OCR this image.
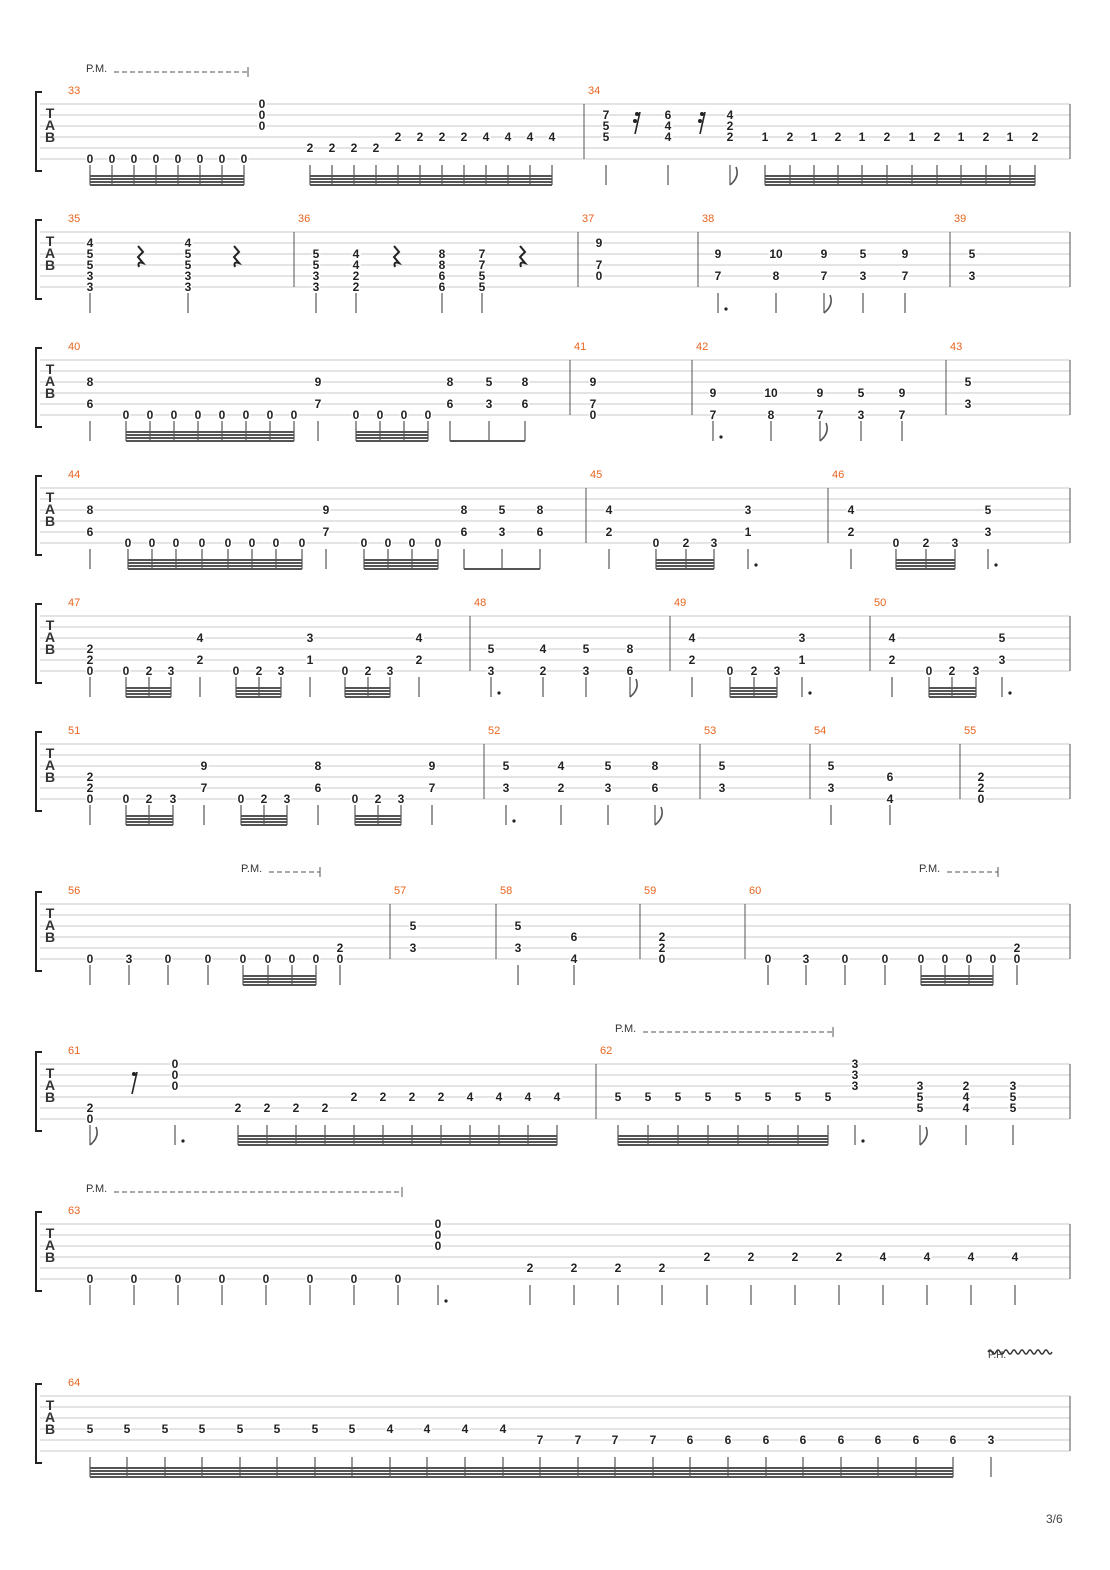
T
A
B
33
0 0 0 0 0 0 0 0
0
0
0
2 2 2 2
2 2 2 2 4 4 4 4
34
7
5
5
6
4
4
4
2
2 1 2 1 2 1 2 1 2 1 2 1 2
P.M.
T
A
B
35
4
5
5
3
3
4
5
5
3
3
36
5
5
3
3
4
4
2
2
8
8
6
6
7
7
5
5
37
9
7
0
38
9
7
10
8
9
7
5
3
9
7
39
5
3
T
A
B
40
8
6
0 0 0 0 0 0 0 0
9
7
0 0 0 0
8
6
5
3
8
6
41
9
7
0
42
9
7
10
8
9
7
5
3
9
7
43
5
3
T
A
B
44
8
6
0 0 0 0 0 0 0 0
9
7
0 0 0 0
8
6
5
3
8
6
45
4
2
0 2 3
3
1
46
4
2
0 2 3
5
3
T
A
B
47
2
2
0 0 2 3
4
2
0 2 3
3
1
0 2 3
4
2
48
5
3
4
2
5
3
8
6
49
4
2
0 2 3
3
1
50
4
2
0 2 3
5
3
T
A
B
51
2
2
0 0 2 3
9
7
0 2 3
8
6
0 2 3
9
7
52
5
3
4
2
5
3
8
6
53
5
3
54
5
3
6
4
55
2
2
0
T
A
B
56
0	3	0	0 0 0 0 0
2
0
57
5
3
58
5
3
6
4
59
2
2
0
60
0	3	0	0 0 0 0 0
2
0
P.M.	P.M.
T
A
B
61
2
0
0
0
0
2 2 2 2
2 2 2 2 4 4 4 4
62
5 5 5 5 5 5 5 5
3
3
3	3
5
5
2
4
4
3
5
5
P.M.
T
A
B
63
0	0	0	0	0	0	0	0
0
0
0
2	2	2	2
2	2	2	2	4	4	4	4
P.M.
T
A
B
64
5	5	5	5	5	5	5	5	4	4	4	4
7	7	7	7	6	6	6	6	6	6	6	6	3
P.H.
3/6
